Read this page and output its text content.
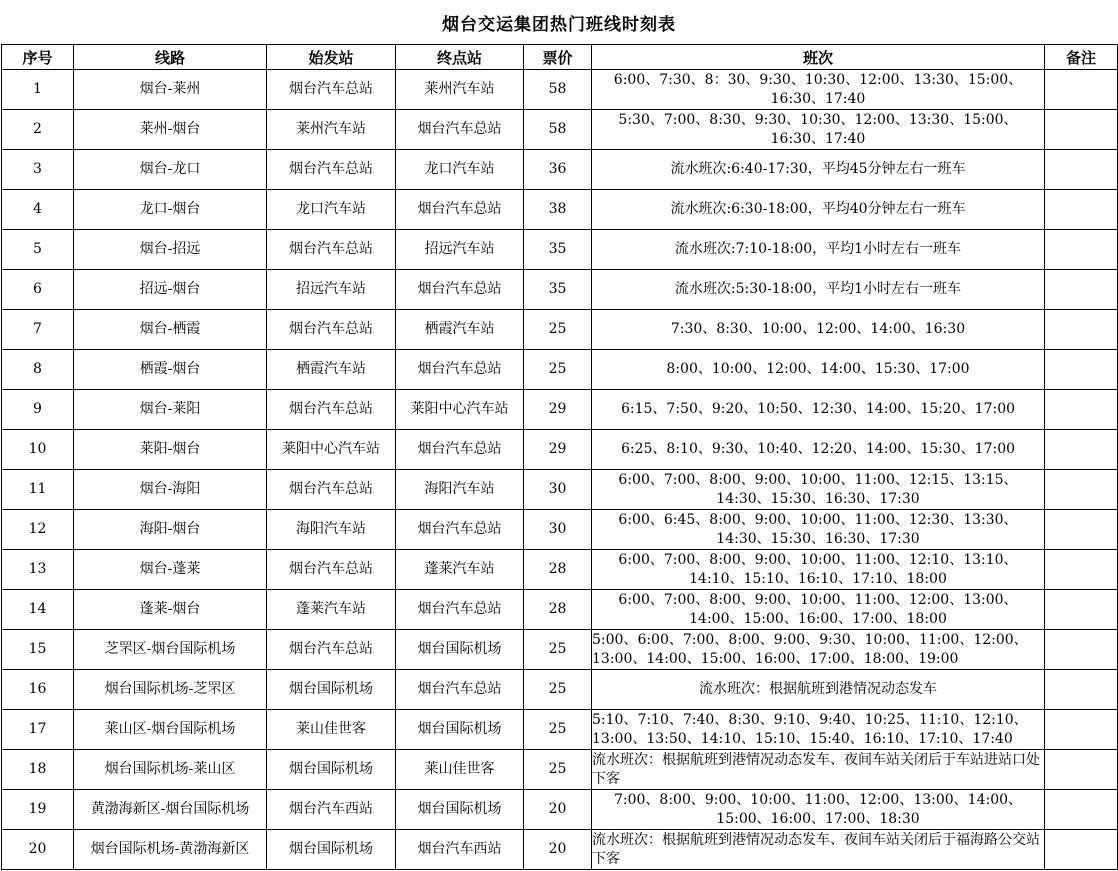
烟台交运集团热门班线时刻表
序号	线路	始发站	终点站	票价	班次	备注
1	烟台-莱州	烟台汽车总站	莱州汽车站	58	6:00、7:30、8：30、9:30、10:30、12:00、13:30、15:00、16:30、17:40	
2	莱州-烟台	莱州汽车站	烟台汽车总站	58	5:30、7:00、8:30、9:30、10:30、12:00、13:30、15:00、16:30、17:40	
3	烟台-龙口	烟台汽车总站	龙口汽车站	36	流水班次:6:40-17:30，平均45分钟左右一班车	
4	龙口-烟台	龙口汽车站	烟台汽车总站	38	流水班次:6:30-18:00，平均40分钟左右一班车	
5	烟台-招远	烟台汽车总站	招远汽车站	35	流水班次:7:10-18:00，平均1小时左右一班车	
6	招远-烟台	招远汽车站	烟台汽车总站	35	流水班次:5:30-18:00，平均1小时左右一班车	
7	烟台-栖霞	烟台汽车总站	栖霞汽车站	25	7:30、8:30、10:00、12:00、14:00、16:30	
8	栖霞-烟台	栖霞汽车站	烟台汽车总站	25	8:00、10:00、12:00、14:00、15:30、17:00	
9	烟台-莱阳	烟台汽车总站	莱阳中心汽车站	29	6:15、7:50、9:20、10:50、12:30、14:00、15:20、17:00	
10	莱阳-烟台	莱阳中心汽车站	烟台汽车总站	29	6:25、8:10、9:30、10:40、12:20、14:00、15:30、17:00	
11	烟台-海阳	烟台汽车总站	海阳汽车站	30	6:00、7:00、8:00、9:00、10:00、11:00、12:15、13:15、14:30、15:30、16:30、17:30	
12	海阳-烟台	海阳汽车站	烟台汽车总站	30	6:00、6:45、8:00、9:00、10:00、11:00、12:30、13:30、14:30、15:30、16:30、17:30	
13	烟台-蓬莱	烟台汽车总站	蓬莱汽车站	28	6:00、7:00、8:00、9:00、10:00、11:00、12:10、13:10、14:10、15:10、16:10、17:10、18:00	
14	蓬莱-烟台	蓬莱汽车站	烟台汽车总站	28	6:00、7:00、8:00、9:00、10:00、11:00、12:00、13:00、14:00、15:00、16:00、17:00、18:00	
15	芝罘区-烟台国际机场	烟台汽车总站	烟台国际机场	25	5:00、6:00、7:00、8:00、9:00、9:30、10:00、11:00、12:00、13:00、14:00、15:00、16:00、17:00、18:00、19:00	
16	烟台国际机场-芝罘区	烟台国际机场	烟台汽车总站	25	流水班次：根据航班到港情况动态发车	
17	莱山区-烟台国际机场	莱山佳世客	烟台国际机场	25	5:10、7:10、7:40、8:30、9:10、9:40、10:25、11:10、12:10、13:00、13:50、14:10、15:10、15:40、16:10、17:10、17:40	
18	烟台国际机场-莱山区	烟台国际机场	莱山佳世客	25	流水班次：根据航班到港情况动态发车、夜间车站关闭后于车站进站口处下客	
19	黄渤海新区-烟台国际机场	烟台汽车西站	烟台国际机场	20	7:00、8:00、9:00、10:00、11:00、12:00、13:00、14:00、15:00、16:00、17:00、18:30	
20	烟台国际机场-黄渤海新区	烟台国际机场	烟台汽车西站	20	流水班次：根据航班到港情况动态发车、夜间车站关闭后于福海路公交站下客	
